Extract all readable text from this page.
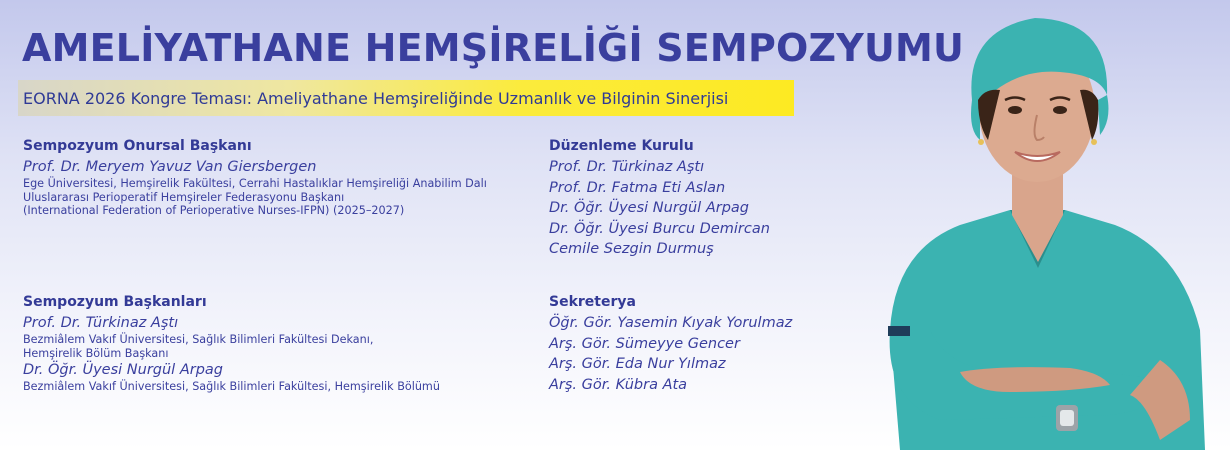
AMELİYATHANE HEMŞİRELİĞİ SEMPOZYUMU
EORNA 2026 Kongre Teması: Ameliyathane Hemşireliğinde Uzmanlık ve Bilginin Sinerjisi
Sempozyum Onursal Başkanı
Prof. Dr. Meryem Yavuz Van Giersbergen
Ege Üniversitesi, Hemşirelik Fakültesi, Cerrahi Hastalıklar Hemşireliği Anabilim Dalı
Uluslararası Perioperatif Hemşireler Federasyonu Başkanı
(International Federation of Perioperative Nurses-IFPN) (2025–2027)
Sempozyum Başkanları
Prof. Dr. Türkinaz Aştı
Bezmiâlem Vakıf Üniversitesi, Sağlık Bilimleri Fakültesi Dekanı,
Hemşirelik Bölüm Başkanı
Dr. Öğr. Üyesi Nurgül Arpag
Bezmiâlem Vakıf Üniversitesi, Sağlık Bilimleri Fakültesi, Hemşirelik Bölümü
Düzenleme Kurulu
Prof. Dr. Türkinaz Aştı
Prof. Dr. Fatma Eti Aslan
Dr. Öğr. Üyesi Nurgül Arpag
Dr. Öğr. Üyesi Burcu Demircan
Cemile Sezgin Durmuş
Sekreterya
Öğr. Gör. Yasemin Kıyak Yorulmaz
Arş. Gör. Sümeyye Gencer
Arş. Gör. Eda Nur Yılmaz
Arş. Gör. Kübra Ata
